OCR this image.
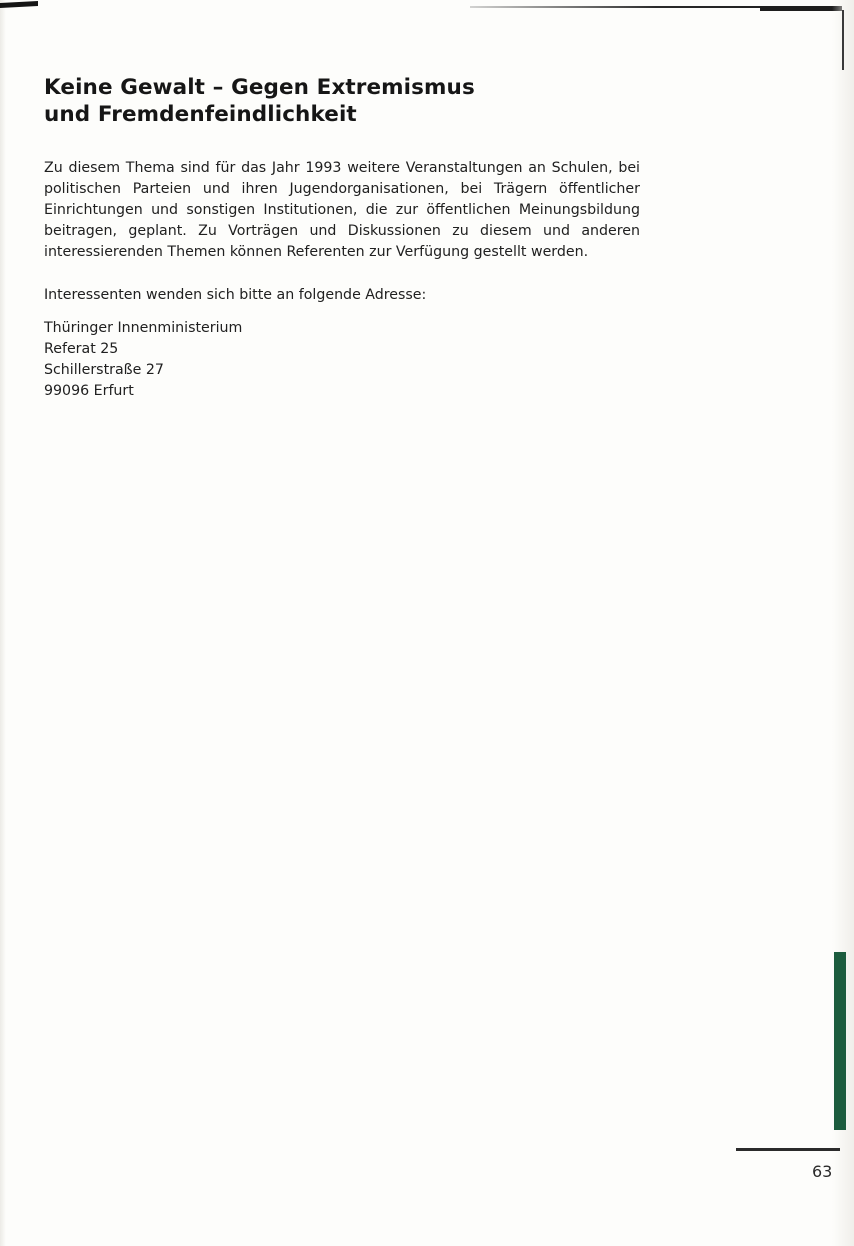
Keine Gewalt – Gegen Extremismus
und Fremdenfeindlichkeit

Zu diesem Thema sind für das Jahr 1993 weitere Veranstaltungen an Schulen, bei politischen Parteien und ihren Jugendorganisationen, bei Trägern öffentlicher Einrichtungen und sonstigen Institutionen, die zur öffentlichen Meinungsbildung beitragen, geplant. Zu Vorträgen und Diskussionen zu diesem und anderen interessierenden Themen können Referenten zur Verfügung gestellt werden.

Interessenten wenden sich bitte an folgende Adresse:

Thüringer Innenministerium
Referat 25
Schillerstraße 27
99096 Erfurt
63
